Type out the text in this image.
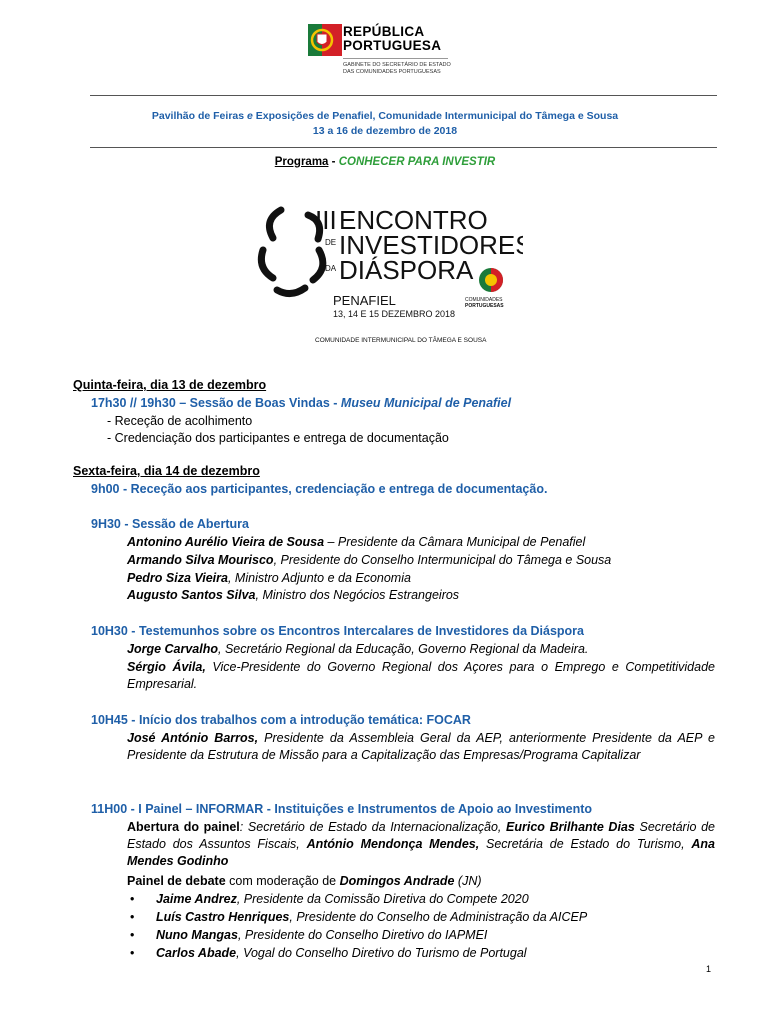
REPÚBLICA
PORTUGUESA
GABINETE DO SECRETÁRIO DE ESTADO
DAS COMUNIDADES PORTUGUESAS
Pavilhão de Feiras e Exposições de Penafiel, Comunidade Intermunicipal do Tâmega e Sousa
13 a 16 de dezembro de 2018
Programa - CONHECER PARA INVESTIR
III ENCONTRO
DE INVESTIDORES
DA DIÁSPORA
PENAFIEL
13, 14 E 15 DEZEMBRO 2018
COMUNIDADES
PORTUGUESAS
COMUNIDADE INTERMUNICIPAL DO TÂMEGA E SOUSA
Quinta-feira, dia 13 de dezembro
17h30 // 19h30 – Sessão de Boas Vindas - Museu Municipal de Penafiel
- Receção de acolhimento
- Credenciação dos participantes e entrega de documentação
Sexta-feira, dia 14 de dezembro
9h00 - Receção aos participantes, credenciação e entrega de documentação.
9H30 - Sessão de Abertura
Antonino Aurélio Vieira de Sousa – Presidente da Câmara Municipal de Penafiel
Armando Silva Mourisco, Presidente do Conselho Intermunicipal do Tâmega e Sousa
Pedro Siza Vieira, Ministro Adjunto e da Economia
Augusto Santos Silva, Ministro dos Negócios Estrangeiros
10H30 - Testemunhos sobre os Encontros Intercalares de Investidores da Diáspora
Jorge Carvalho, Secretário Regional da Educação, Governo Regional da Madeira.
Sérgio Ávila, Vice-Presidente do Governo Regional dos Açores para o Emprego e Competitividade Empresarial.
10H45 - Início dos trabalhos com a introdução temática: FOCAR
José António Barros, Presidente da Assembleia Geral da AEP, anteriormente Presidente da AEP e Presidente da Estrutura de Missão para a Capitalização das Empresas/Programa Capitalizar
11H00 - I Painel – INFORMAR - Instituições e Instrumentos de Apoio ao Investimento
Abertura do painel: Secretário de Estado da Internacionalização, Eurico Brilhante Dias Secretário de Estado dos Assuntos Fiscais, António Mendonça Mendes, Secretária de Estado do Turismo, Ana Mendes Godinho
Painel de debate com moderação de Domingos Andrade (JN)
• Jaime Andrez, Presidente da Comissão Diretiva do Compete 2020
• Luís Castro Henriques, Presidente do Conselho de Administração da AICEP
• Nuno Mangas, Presidente do Conselho Diretivo do IAPMEI
• Carlos Abade, Vogal do Conselho Diretivo do Turismo de Portugal
1
